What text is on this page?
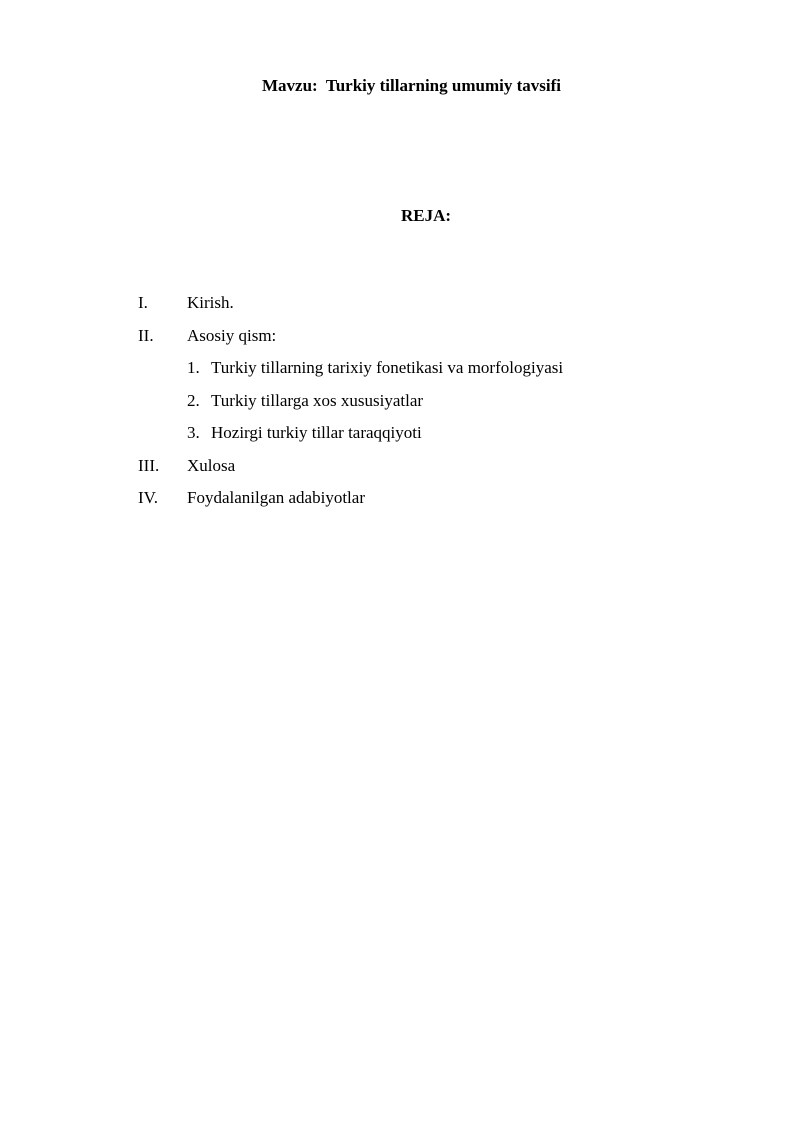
Mavzu: Turkiy tillarning umumiy tavsifi
REJA:
I. Kirish.
II. Asosiy qism:
1. Turkiy tillarning tarixiy fonetikasi va morfologiyasi
2. Turkiy tillarga xos xususiyatlar
3. Hozirgi turkiy tillar taraqqiyoti
III. Xulosa
IV. Foydalanilgan adabiyotlar
